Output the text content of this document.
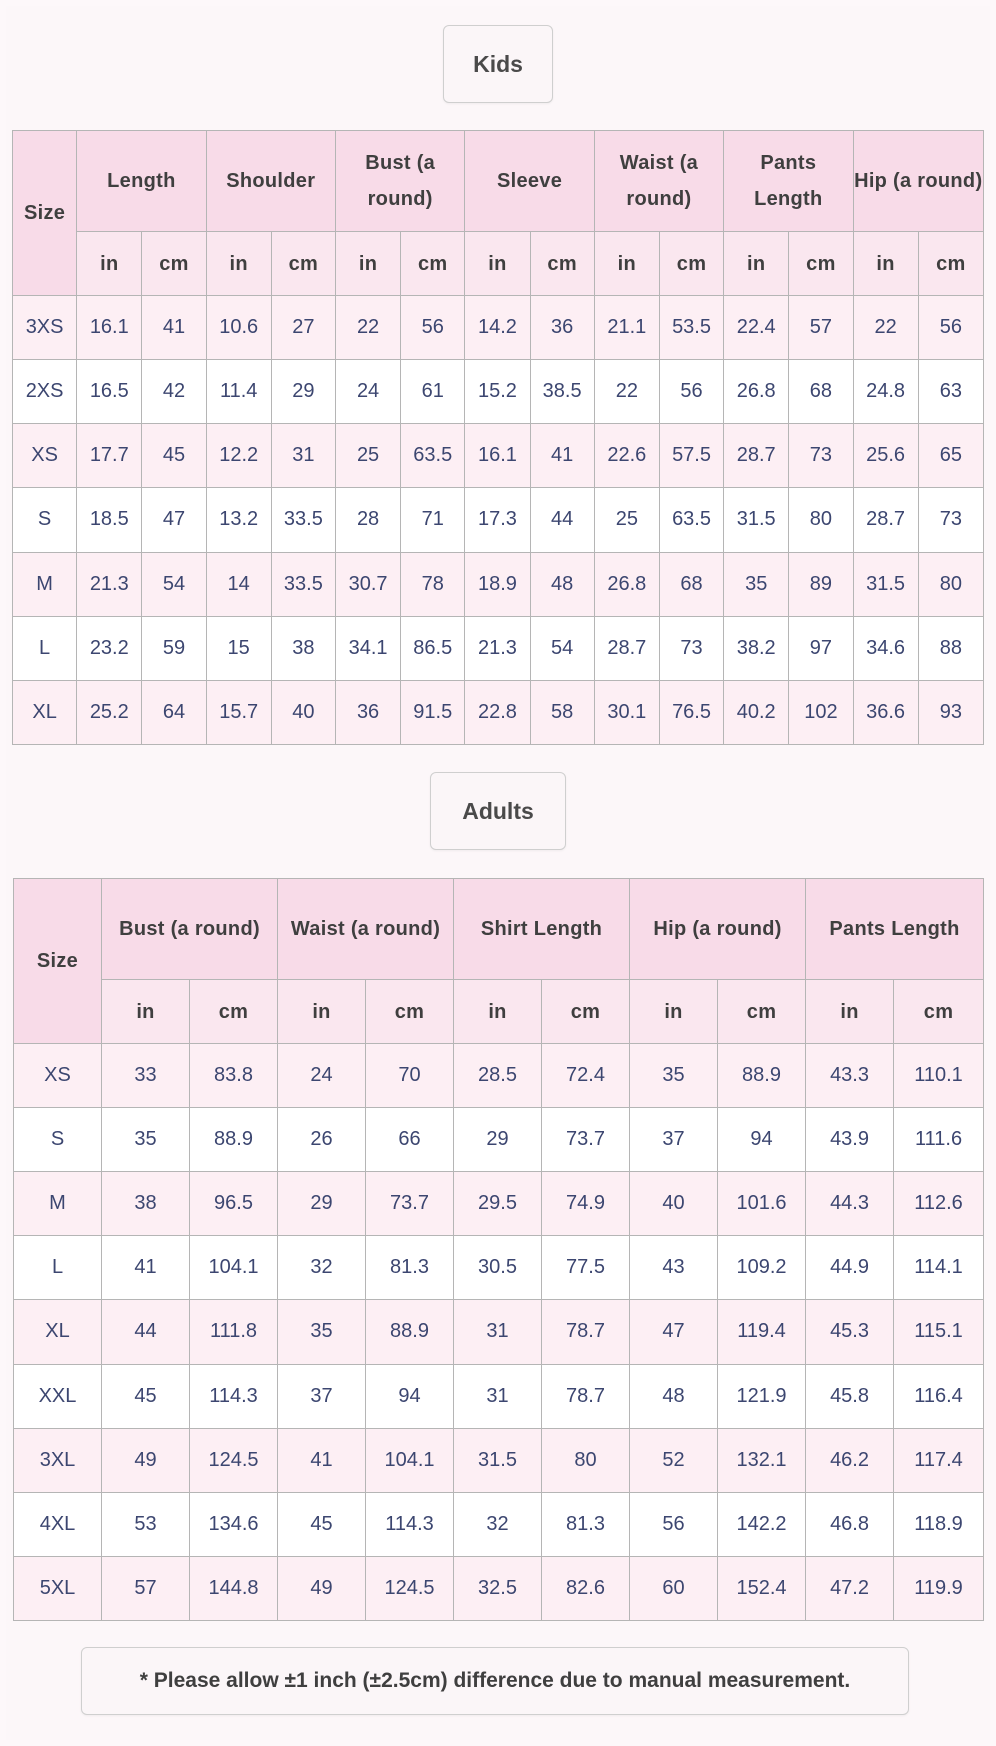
Kids
Size	Length		Shoulder		Bust (a round)		Sleeve		Waist (a round)		Pants Length		Hip (a round)	
	in	cm	in	cm	in	cm	in	cm	in	cm	in	cm	in	cm
3XS	16.1	41	10.6	27	22	56	14.2	36	21.1	53.5	22.4	57	22	56
2XS	16.5	42	11.4	29	24	61	15.2	38.5	22	56	26.8	68	24.8	63
XS	17.7	45	12.2	31	25	63.5	16.1	41	22.6	57.5	28.7	73	25.6	65
S	18.5	47	13.2	33.5	28	71	17.3	44	25	63.5	31.5	80	28.7	73
M	21.3	54	14	33.5	30.7	78	18.9	48	26.8	68	35	89	31.5	80
L	23.2	59	15	38	34.1	86.5	21.3	54	28.7	73	38.2	97	34.6	88
XL	25.2	64	15.7	40	36	91.5	22.8	58	30.1	76.5	40.2	102	36.6	93
Adults
Size	Bust (a round)		Waist (a round)		Shirt Length		Hip (a round)		Pants Length	
	in	cm	in	cm	in	cm	in	cm	in	cm
XS	33	83.8	24	70	28.5	72.4	35	88.9	43.3	110.1
S	35	88.9	26	66	29	73.7	37	94	43.9	111.6
M	38	96.5	29	73.7	29.5	74.9	40	101.6	44.3	112.6
L	41	104.1	32	81.3	30.5	77.5	43	109.2	44.9	114.1
XL	44	111.8	35	88.9	31	78.7	47	119.4	45.3	115.1
XXL	45	114.3	37	94	31	78.7	48	121.9	45.8	116.4
3XL	49	124.5	41	104.1	31.5	80	52	132.1	46.2	117.4
4XL	53	134.6	45	114.3	32	81.3	56	142.2	46.8	118.9
5XL	57	144.8	49	124.5	32.5	82.6	60	152.4	47.2	119.9
* Please allow ±1 inch (±2.5cm) difference due to manual measurement.
